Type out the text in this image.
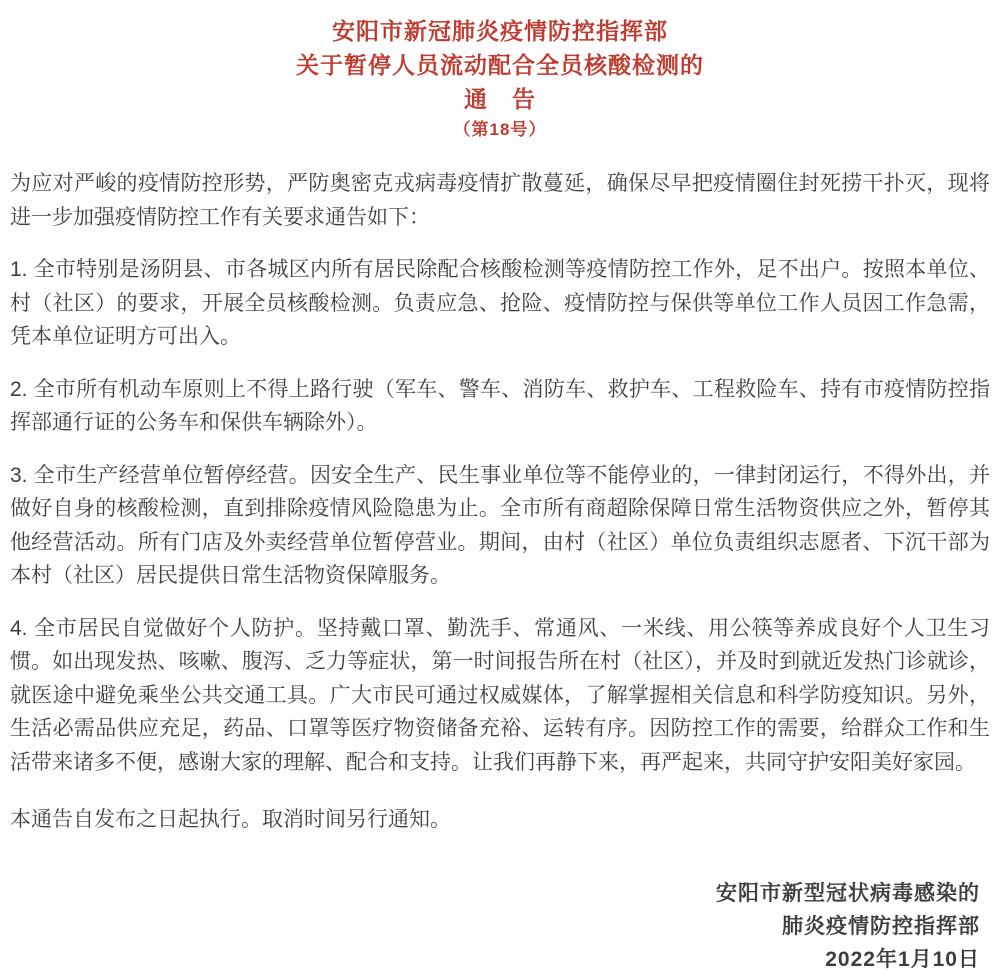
安阳市新冠肺炎疫情防控指挥部
关于暂停人员流动配合全员核酸检测的
通　告
（第18号）

为应对严峻的疫情防控形势，严防奥密克戎病毒疫情扩散蔓延，确保尽早把疫情圈住封死捞干扑灭，现将进一步加强疫情防控工作有关要求通告如下：

1. 全市特别是汤阴县、市各城区内所有居民除配合核酸检测等疫情防控工作外，足不出户。按照本单位、村（社区）的要求，开展全员核酸检测。负责应急、抢险、疫情防控与保供等单位工作人员因工作急需，凭本单位证明方可出入。

2. 全市所有机动车原则上不得上路行驶（军车、警车、消防车、救护车、工程救险车、持有市疫情防控指挥部通行证的公务车和保供车辆除外）。

3. 全市生产经营单位暂停经营。因安全生产、民生事业单位等不能停业的，一律封闭运行，不得外出，并做好自身的核酸检测，直到排除疫情风险隐患为止。全市所有商超除保障日常生活物资供应之外，暂停其他经营活动。所有门店及外卖经营单位暂停营业。期间，由村（社区）单位负责组织志愿者、下沉干部为本村（社区）居民提供日常生活物资保障服务。

4. 全市居民自觉做好个人防护。坚持戴口罩、勤洗手、常通风、一米线、用公筷等养成良好个人卫生习惯。如出现发热、咳嗽、腹泻、乏力等症状，第一时间报告所在村（社区），并及时到就近发热门诊就诊，就医途中避免乘坐公共交通工具。广大市民可通过权威媒体，了解掌握相关信息和科学防疫知识。另外，生活必需品供应充足，药品、口罩等医疗物资储备充裕、运转有序。因防控工作的需要，给群众工作和生活带来诸多不便，感谢大家的理解、配合和支持。让我们再静下来，再严起来，共同守护安阳美好家园。

本通告自发布之日起执行。取消时间另行通知。

安阳市新型冠状病毒感染的
肺炎疫情防控指挥部
2022年1月10日
